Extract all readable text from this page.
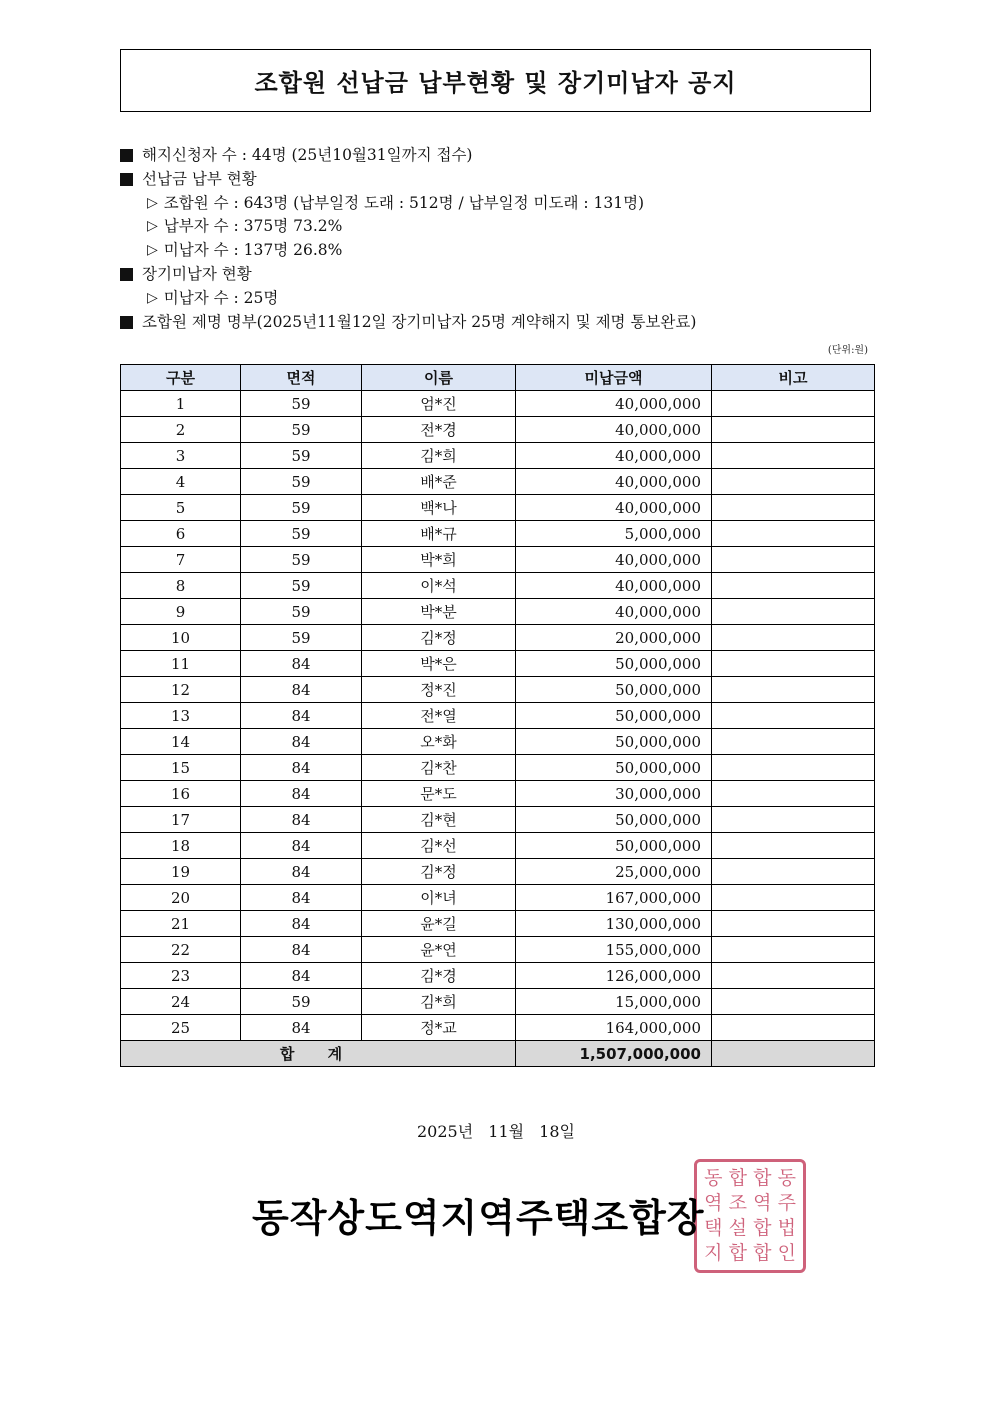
조합원 선납금 납부현황 및 장기미납자 공지
해지신청자 수 : 44명 (25년10월31일까지 접수)
선납금 납부 현황
▷ 조합원 수 : 643명 (납부일정 도래 : 512명 / 납부일정 미도래 : 131명)
▷ 납부자 수 : 375명 73.2%
▷ 미납자 수 : 137명 26.8%
장기미납자 현황
▷ 미납자 수 : 25명
조합원 제명 명부(2025년11월12일 장기미납자 25명 계약해지 및 제명 통보완료)
(단위:원)
구분	면적	이름	미납금액	비고
1	59	엄*진	40,000,000	
2	59	전*경	40,000,000	
3	59	김*희	40,000,000	
4	59	배*준	40,000,000	
5	59	백*나	40,000,000	
6	59	배*규	5,000,000	
7	59	박*희	40,000,000	
8	59	이*석	40,000,000	
9	59	박*분	40,000,000	
10	59	김*정	20,000,000	
11	84	박*은	50,000,000	
12	84	정*진	50,000,000	
13	84	전*열	50,000,000	
14	84	오*화	50,000,000	
15	84	김*찬	50,000,000	
16	84	문*도	30,000,000	
17	84	김*현	50,000,000	
18	84	김*선	50,000,000	
19	84	김*정	25,000,000	
20	84	이*녀	167,000,000	
21	84	윤*길	130,000,000	
22	84	윤*연	155,000,000	
23	84	김*경	126,000,000	
24	59	김*희	15,000,000	
25	84	정*교	164,000,000	
합 계			1,507,000,000	
2025년 11월 18일
동 합 합 동
역 조 역 주
택 설 합 법
지 합 합 인
동작상도역지역주택조합장
